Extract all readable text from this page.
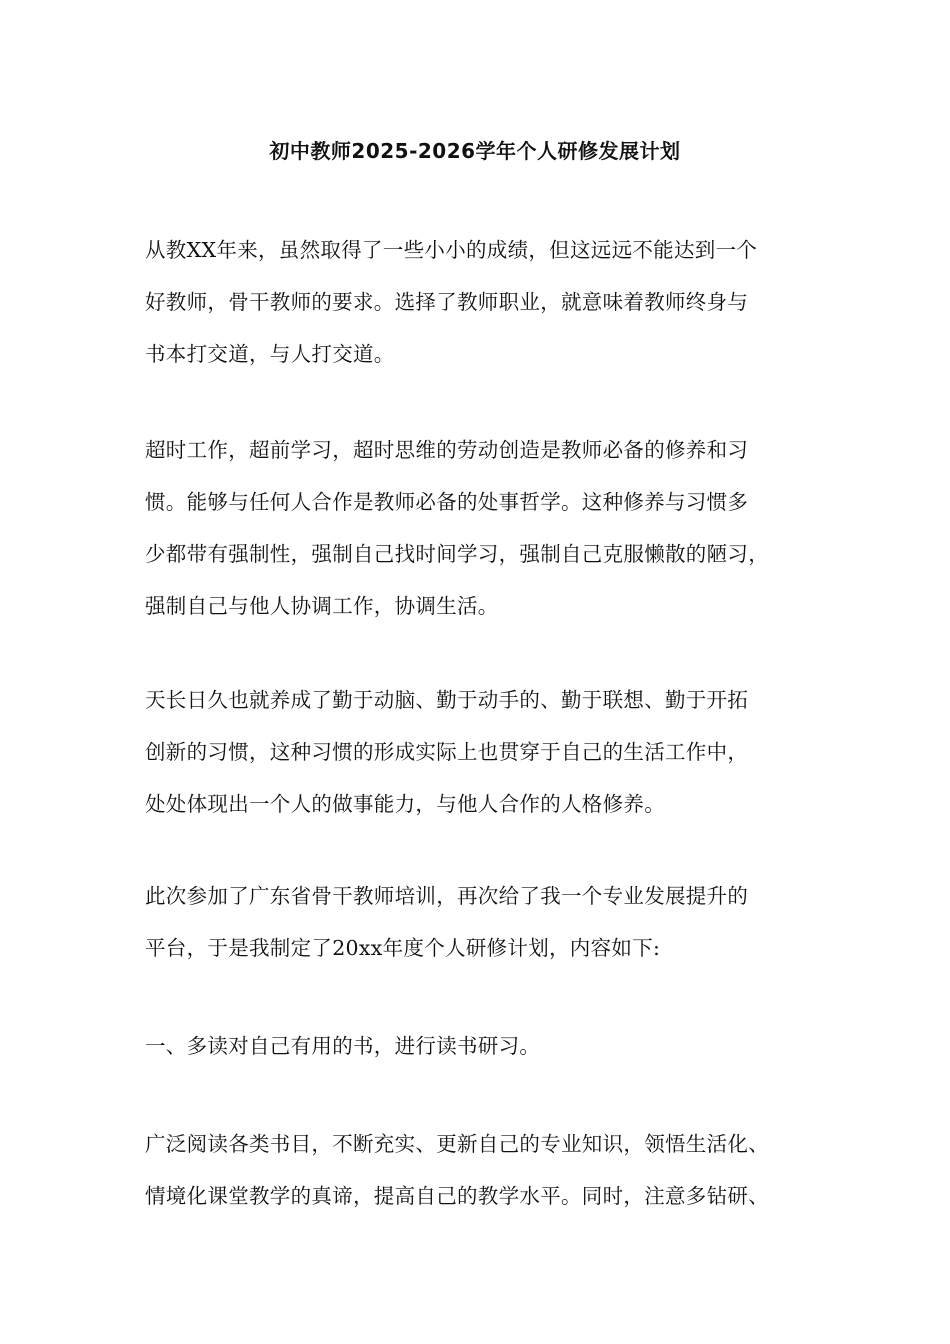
初中教师2025-2026学年个人研修发展计划

从教XX年来，虽然取得了一些小小的成绩，但这远远不能达到一个
好教师，骨干教师的要求。选择了教师职业，就意味着教师终身与
书本打交道，与人打交道。

超时工作，超前学习，超时思维的劳动创造是教师必备的修养和习
惯。能够与任何人合作是教师必备的处事哲学。这种修养与习惯多
少都带有强制性，强制自己找时间学习，强制自己克服懒散的陋习，
强制自己与他人协调工作，协调生活。

天长日久也就养成了勤于动脑、勤于动手的、勤于联想、勤于开拓
创新的习惯，这种习惯的形成实际上也贯穿于自己的生活工作中，
处处体现出一个人的做事能力，与他人合作的人格修养。

此次参加了广东省骨干教师培训，再次给了我一个专业发展提升的
平台，于是我制定了20xx年度个人研修计划，内容如下:

一、多读对自己有用的书，进行读书研习。

广泛阅读各类书目，不断充实、更新自己的专业知识，领悟生活化、
情境化课堂教学的真谛，提高自己的教学水平。同时，注意多钻研、
